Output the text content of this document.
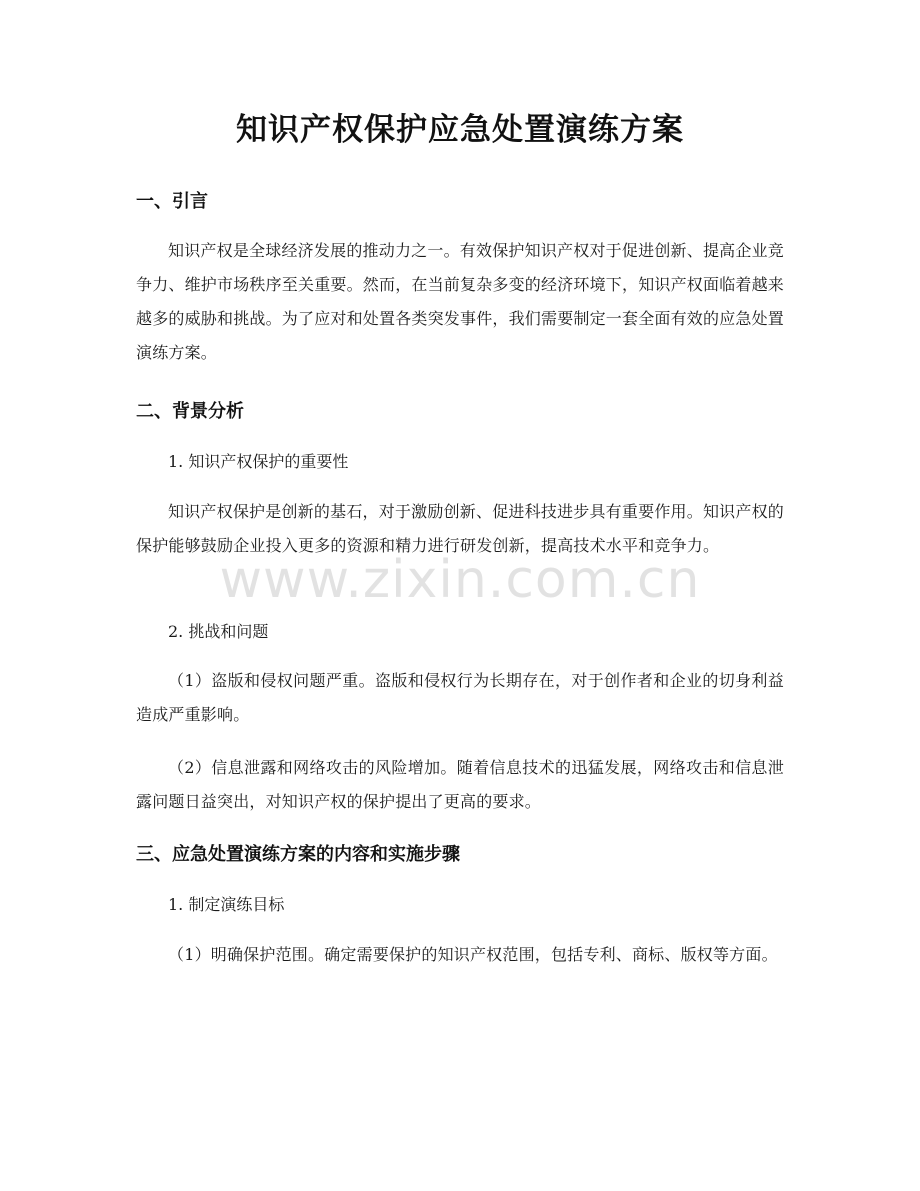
知识产权保护应急处置演练方案
一、引言
知识产权是全球经济发展的推动力之一。有效保护知识产权对于促进创新、提高企业竞争力、维护市场秩序至关重要。然而，在当前复杂多变的经济环境下，知识产权面临着越来越多的威胁和挑战。为了应对和处置各类突发事件，我们需要制定一套全面有效的应急处置演练方案。
二、背景分析
1. 知识产权保护的重要性
知识产权保护是创新的基石，对于激励创新、促进科技进步具有重要作用。知识产权的保护能够鼓励企业投入更多的资源和精力进行研发创新，提高技术水平和竞争力。
2. 挑战和问题
（1）盗版和侵权问题严重。盗版和侵权行为长期存在，对于创作者和企业的切身利益造成严重影响。
（2）信息泄露和网络攻击的风险增加。随着信息技术的迅猛发展，网络攻击和信息泄露问题日益突出，对知识产权的保护提出了更高的要求。
三、应急处置演练方案的内容和实施步骤
1. 制定演练目标
（1）明确保护范围。确定需要保护的知识产权范围，包括专利、商标、版权等方面。
www.zixin.com.cn
